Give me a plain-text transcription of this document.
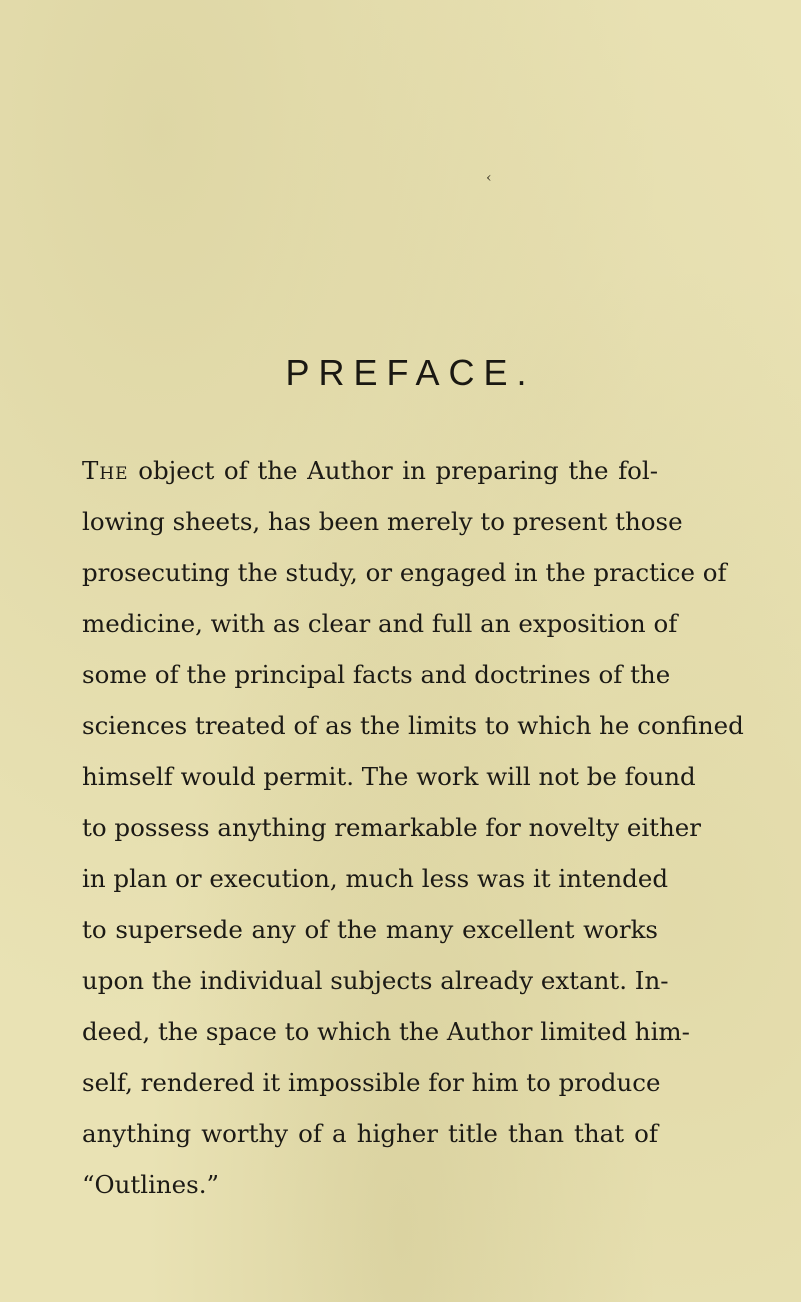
‹
PREFACE.
The object of the Author in preparing the fol-
lowing sheets, has been merely to present those
prosecuting the study, or engaged in the practice of
medicine, with as clear and full an exposition of
some of the principal facts and doctrines of the
sciences treated of as the limits to which he confined
himself would permit. The work will not be found
to possess anything remarkable for novelty either
in plan or execution, much less was it intended
to supersede any of the many excellent works
upon the individual subjects already extant. In-
deed, the space to which the Author limited him-
self, rendered it impossible for him to produce
anything worthy of a higher title than that of
“Outlines.”
